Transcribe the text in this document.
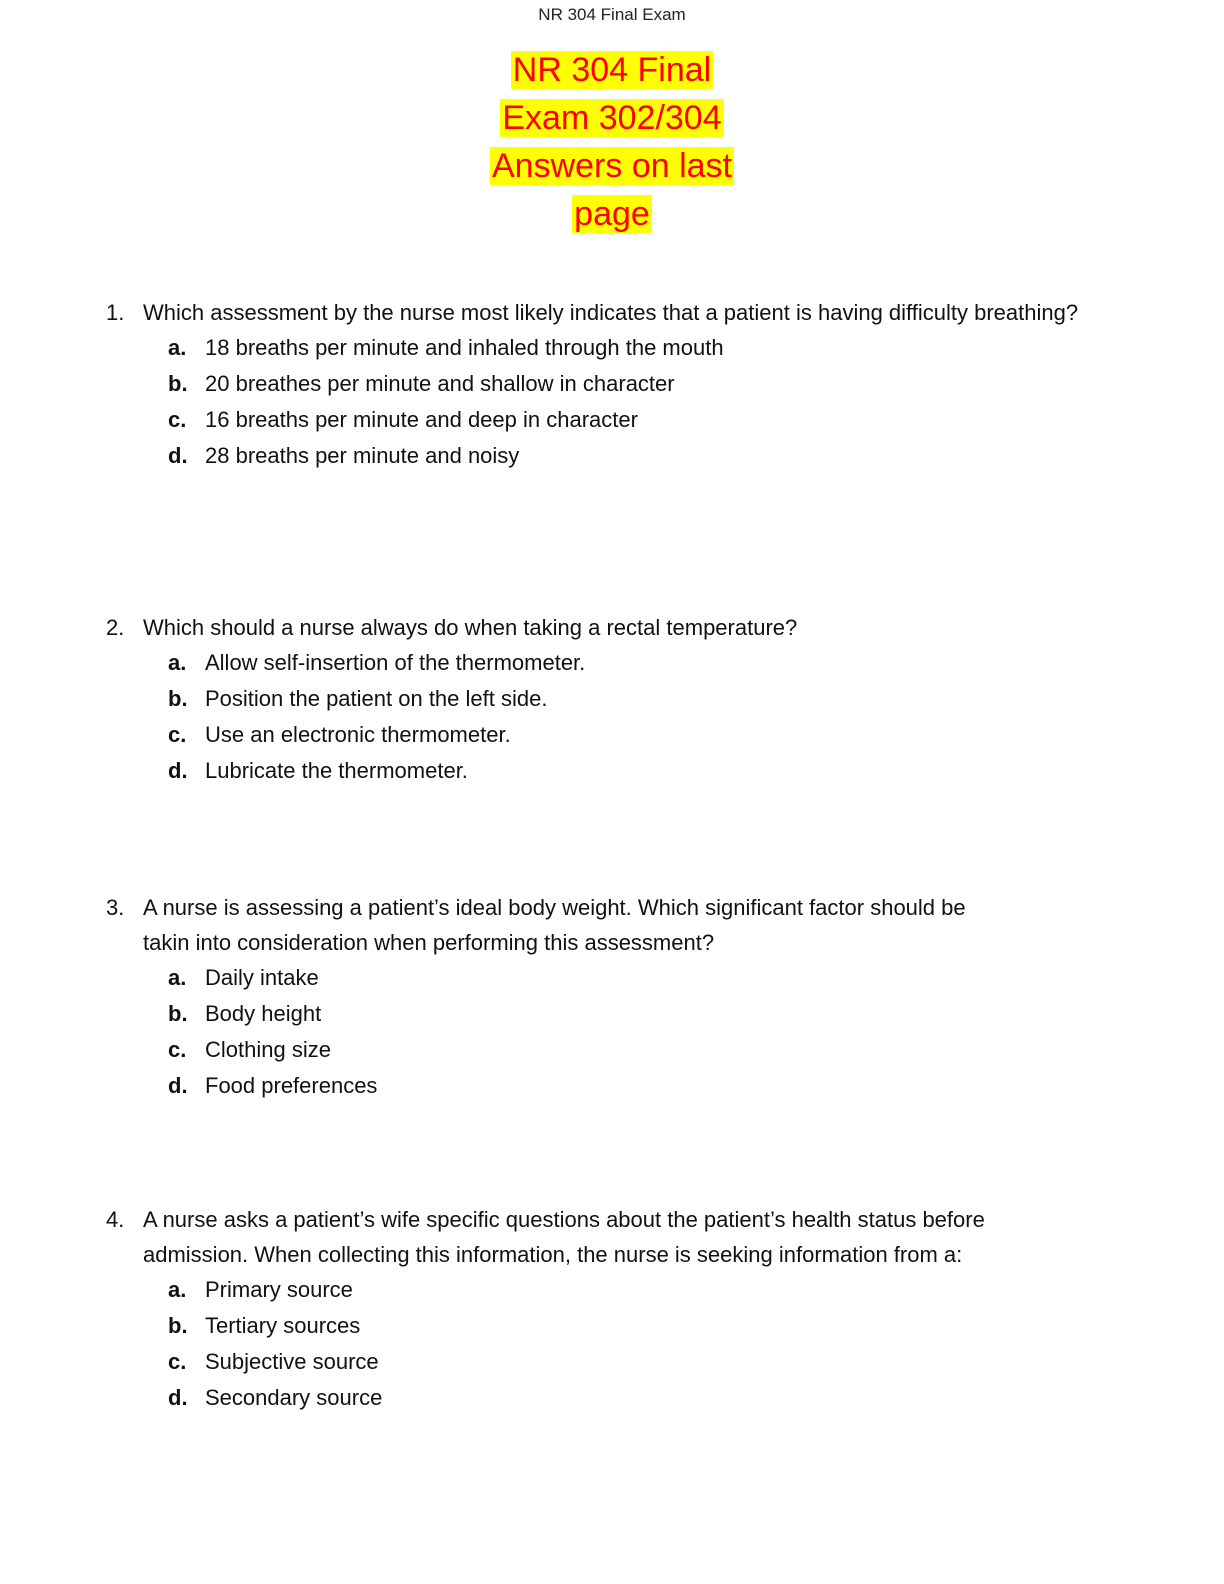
NR 304 Final Exam
NR 304 Final
Exam 302/304
Answers on last
page
1. Which assessment by the nurse most likely indicates that a patient is having difficulty breathing?
a. 18 breaths per minute and inhaled through the mouth
b. 20 breathes per minute and shallow in character
c. 16 breaths per minute and deep in character
d. 28 breaths per minute and noisy
2. Which should a nurse always do when taking a rectal temperature?
a. Allow self-insertion of the thermometer.
b. Position the patient on the left side.
c. Use an electronic thermometer.
d. Lubricate the thermometer.
3. A nurse is assessing a patient’s ideal body weight. Which significant factor should be takin into consideration when performing this assessment?
a. Daily intake
b. Body height
c. Clothing size
d. Food preferences
4. A nurse asks a patient’s wife specific questions about the patient’s health status before admission. When collecting this information, the nurse is seeking information from a:
a. Primary source
b. Tertiary sources
c. Subjective source
d. Secondary source
